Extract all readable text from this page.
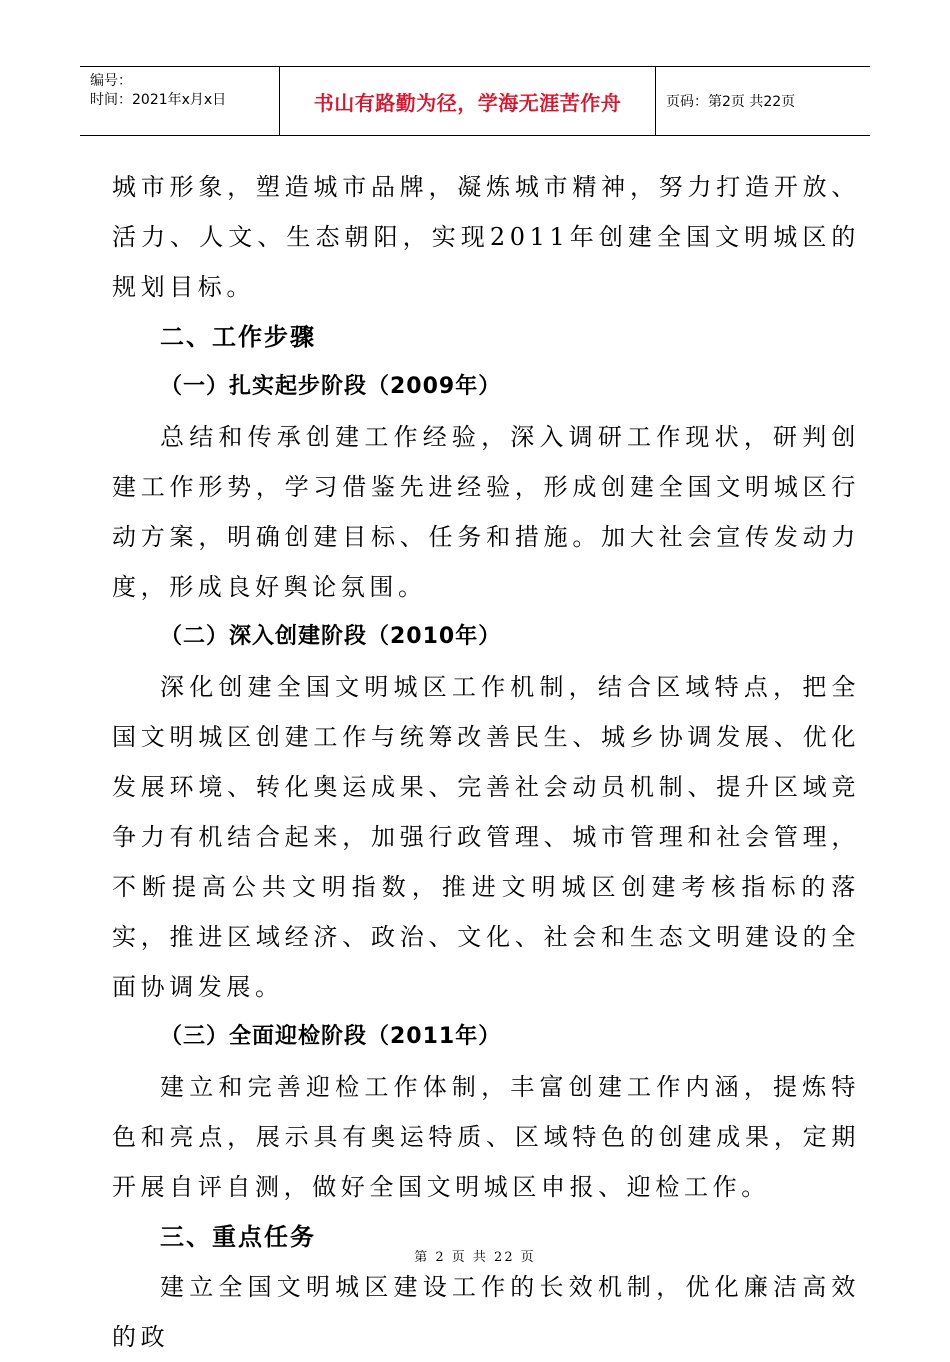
编号：
时间：2021年x月x日	书山有路勤为径，学海无涯苦作舟	页码：第2页 共22页

城市形象，塑造城市品牌，凝炼城市精神，努力打造开放、活力、人文、生态朝阳，实现2011年创建全国文明城区的规划目标。

二、工作步骤
（一）扎实起步阶段（2009年）

总结和传承创建工作经验，深入调研工作现状，研判创建工作形势，学习借鉴先进经验，形成创建全国文明城区行动方案，明确创建目标、任务和措施。加大社会宣传发动力度，形成良好舆论氛围。

（二）深入创建阶段（2010年）

深化创建全国文明城区工作机制，结合区域特点，把全国文明城区创建工作与统筹改善民生、城乡协调发展、优化发展环境、转化奥运成果、完善社会动员机制、提升区域竞争力有机结合起来，加强行政管理、城市管理和社会管理，不断提高公共文明指数，推进文明城区创建考核指标的落实，推进区域经济、政治、文化、社会和生态文明建设的全面协调发展。

（三）全面迎检阶段（2011年）

建立和完善迎检工作体制，丰富创建工作内涵，提炼特色和亮点，展示具有奥运特质、区域特色的创建成果，定期开展自评自测，做好全国文明城区申报、迎检工作。

三、重点任务

建立全国文明城区建设工作的长效机制，优化廉洁高效的政

第 2 页 共 22 页
